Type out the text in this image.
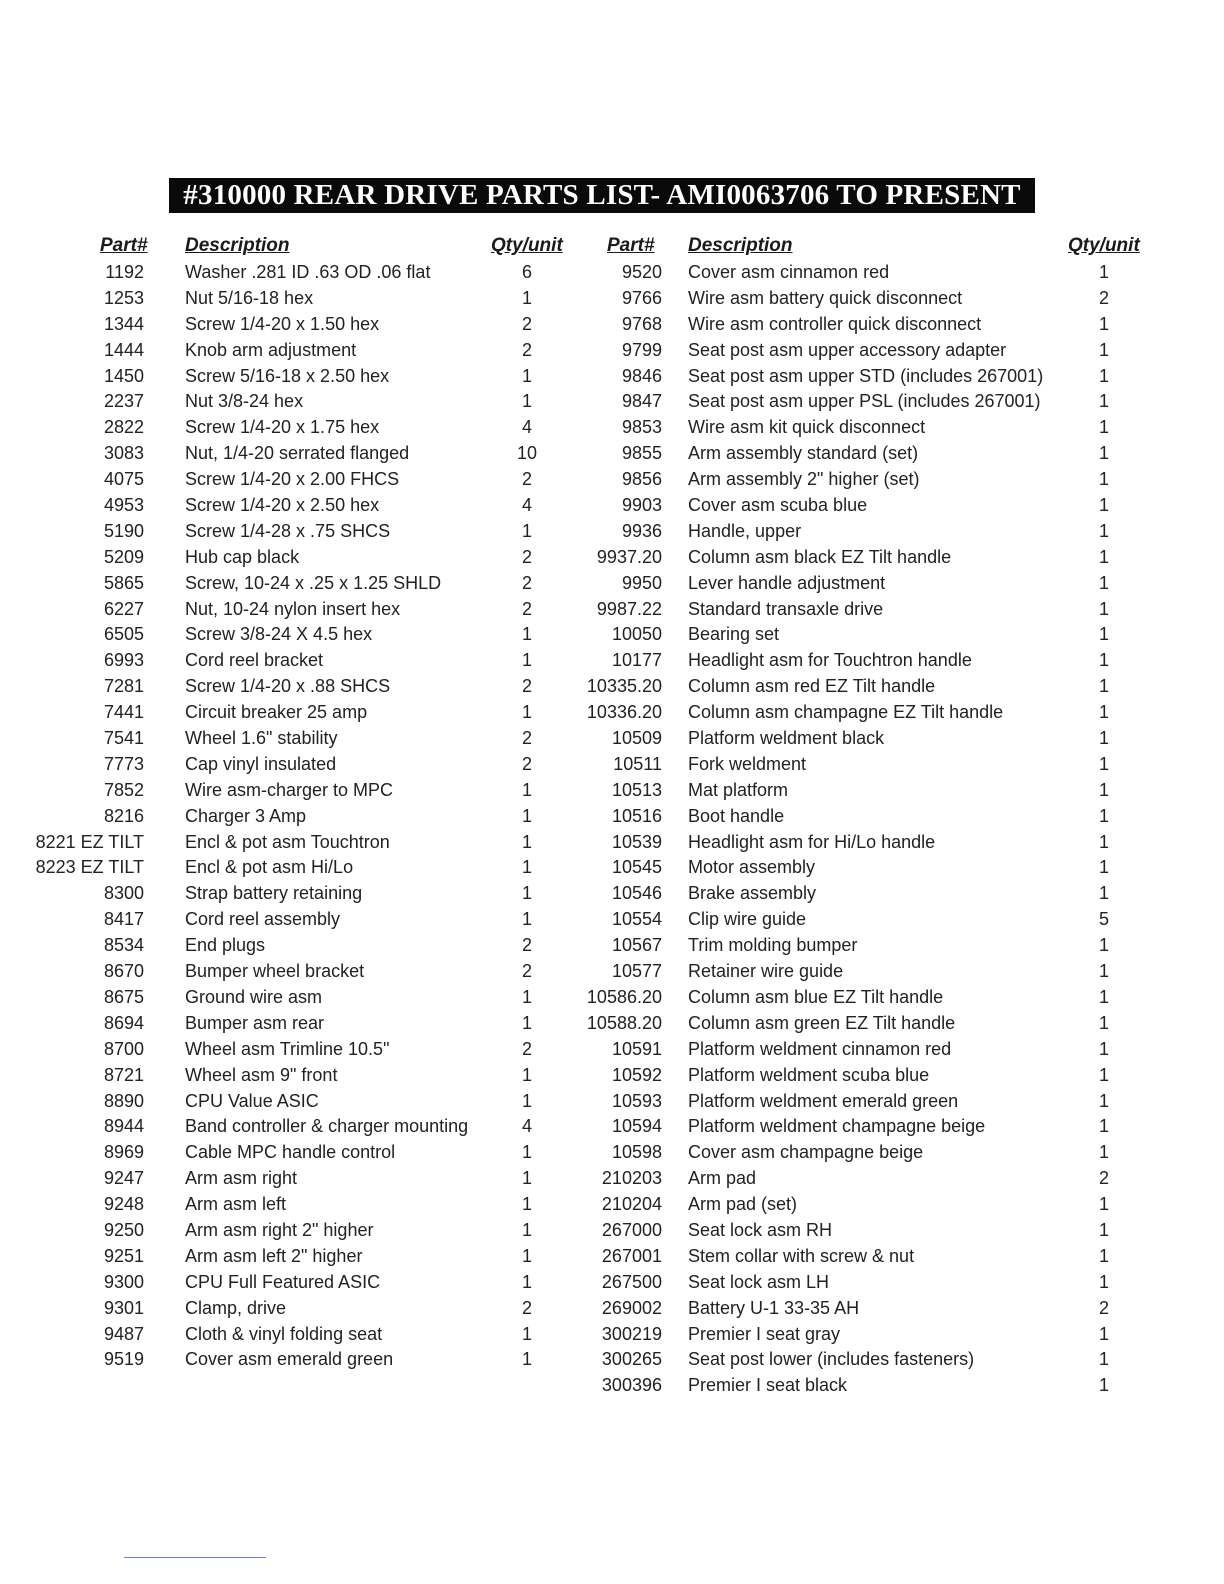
#310000 REAR DRIVE PARTS LIST- AMI0063706 TO PRESENT
Part# Description	Qty/unit Part# Description	Qty/unit
1192 Washer .281 ID .63 OD .06 flat	6
1253 Nut 5/16-18 hex	1
1344 Screw 1/4-20 x 1.50 hex	2
1444 Knob arm adjustment	2
1450 Screw 5/16-18 x 2.50 hex	1
2237 Nut 3/8-24 hex	1
2822 Screw 1/4-20 x 1.75 hex	4
3083 Nut, 1/4-20 serrated flanged	10
4075 Screw 1/4-20 x 2.00 FHCS	2
4953 Screw 1/4-20 x 2.50 hex	4
5190 Screw 1/4-28 x .75 SHCS	1
5209 Hub cap black	2
5865 Screw, 10-24 x .25 x 1.25 SHLD	2
6227 Nut, 10-24 nylon insert hex	2
6505 Screw 3/8-24 X 4.5 hex	1
6993 Cord reel bracket	1
7281 Screw 1/4-20 x .88 SHCS	2
7441 Circuit breaker 25 amp	1
7541 Wheel 1.6" stability	2
7773 Cap vinyl insulated	2
7852 Wire asm-charger to MPC	1
8216 Charger 3 Amp	1
8221 EZ TILT Encl & pot asm Touchtron	1
8223 EZ TILT Encl & pot asm Hi/Lo	1
8300 Strap battery retaining	1
8417 Cord reel assembly	1
8534 End plugs	2
8670 Bumper wheel bracket	2
8675 Ground wire asm	1
8694 Bumper asm rear	1
8700 Wheel asm Trimline 10.5"	2
8721 Wheel asm 9" front	1
8890 CPU Value ASIC	1
8944 Band controller & charger mounting	4
8969 Cable MPC handle control	1
9247 Arm asm right	1
9248 Arm asm left	1
9250 Arm asm right 2" higher	1
9251 Arm asm left 2" higher	1
9300 CPU Full Featured ASIC	1
9301 Clamp, drive	2
9487 Cloth & vinyl folding seat	1
9519 Cover asm emerald green	1
9520 Cover asm cinnamon red	1
9766 Wire asm battery quick disconnect	2
9768 Wire asm controller quick disconnect	1
9799 Seat post asm upper accessory adapter	1
9846 Seat post asm upper STD (includes 267001)	1
9847 Seat post asm upper PSL (includes 267001)	1
9853 Wire asm kit quick disconnect	1
9855 Arm assembly standard (set)	1
9856 Arm assembly 2" higher (set)	1
9903 Cover asm scuba blue	1
9936 Handle, upper	1
9937.20 Column asm black EZ Tilt handle	1
9950 Lever handle adjustment	1
9987.22 Standard transaxle drive	1
10050 Bearing set	1
10177 Headlight asm for Touchtron handle	1
10335.20 Column asm red EZ Tilt handle	1
10336.20 Column asm champagne EZ Tilt handle	1
10509 Platform weldment black	1
10511 Fork weldment	1
10513 Mat platform	1
10516 Boot handle	1
10539 Headlight asm for Hi/Lo handle	1
10545 Motor assembly	1
10546 Brake assembly	1
10554 Clip wire guide	5
10567 Trim molding bumper	1
10577 Retainer wire guide	1
10586.20 Column asm blue EZ Tilt handle	1
10588.20 Column asm green EZ Tilt handle	1
10591 Platform weldment cinnamon red	1
10592 Platform weldment scuba blue	1
10593 Platform weldment emerald green	1
10594 Platform weldment champagne beige	1
10598 Cover asm champagne beige	1
210203 Arm pad	2
210204 Arm pad (set)	1
267000 Seat lock asm RH	1
267001 Stem collar with screw & nut	1
267500 Seat lock asm LH	1
269002 Battery U-1 33-35 AH	2
300219 Premier I seat gray	1
300265 Seat post lower (includes fasteners)	1
300396 Premier I seat black	1
